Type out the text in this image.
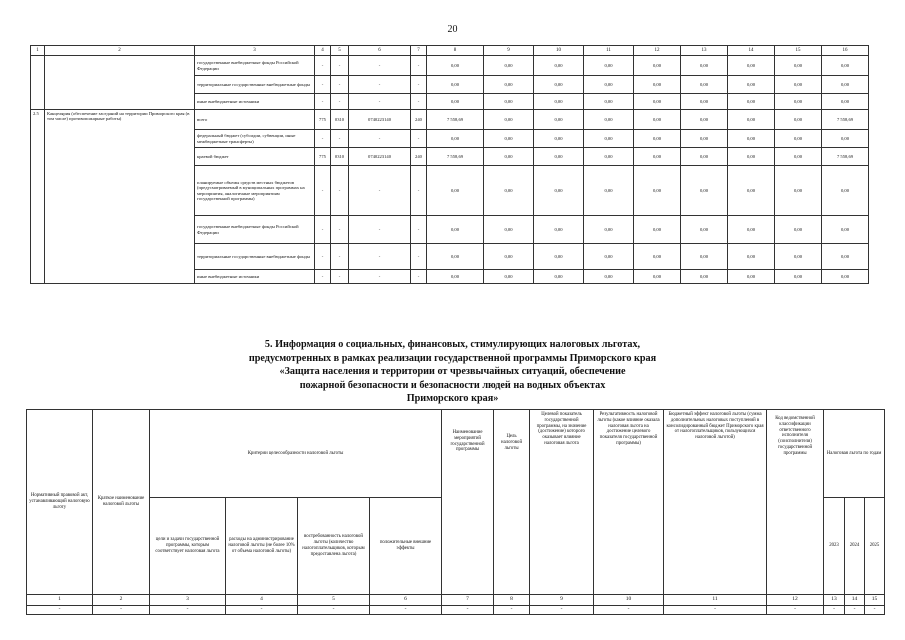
20
1	2	3	4	5	6	7	8	9	10	11	12	13	14	15	16
		государственные внебюджетные фонды Российской Федерации	-	-	-	-	0,00	0,00	0,00	0,00	0,00	0,00	0,00	0,00	0,00
		территориальные государственные внебюджетные фонды	-	-	-	-	0,00	0,00	0,00	0,00	0,00	0,00	0,00	0,00	0,00
		иные внебюджетные источники	-	-	-	-	0,00	0,00	0,00	0,00	0,00	0,00	0,00	0,00	0,00
2.5	Канцелярия (обеспечение заседаний на территории Приморского края (в том числе) противопожарные работы)	всего	775	0310	0740223140	240	7 558,69	0,00	0,00	0,00	0,00	0,00	0,00	0,00	7 558,69
		федеральный бюджет (субсидии, субвенции, иные межбюджетные трансферты)	-	-	-	-	0,00	0,00	0,00	0,00	0,00	0,00	0,00	0,00	0,00
		краевой бюджет	775	0310	0740223140	240	7 558,69	0,00	0,00	0,00	0,00	0,00	0,00	0,00	7 558,69
		планируемые объемы средств местных бюджетов (предусматриваемый в муниципальных программах на мероприятия, аналогичные мероприятиям государственной программы)	-	-	-	-	0,00	0,00	0,00	0,00	0,00	0,00	0,00	0,00	0,00
		государственные внебюджетные фонды Российской Федерации	-	-	-	-	0,00	0,00	0,00	0,00	0,00	0,00	0,00	0,00	0,00
		территориальные государственные внебюджетные фонды	-	-	-	-	0,00	0,00	0,00	0,00	0,00	0,00	0,00	0,00	0,00
		иные внебюджетные источники	-	-	-	-	0,00	0,00	0,00	0,00	0,00	0,00	0,00	0,00	0,00
5. Информация о социальных, финансовых, стимулирующих налоговых льготах,
предусмотренных в рамках реализации государственной программы Приморского края
«Защита населения и территории от чрезвычайных ситуаций, обеспечение
пожарной безопасности и безопасности людей на водных объектах
Приморского края»
Нормативный правовой акт, устанавливающий налоговую льготу	Краткое наименование налоговой льготы	Критерии целесообразности налоговой льготы				Наименование мероприятий государственной программы	Цель налоговой льготы	Целевой показатель государственной программы, на значение (достижение) которого оказывает влияние налоговая льгота	Результативность налоговой льготы (какое влияние оказала налоговая льгота на достижение целевого показателя государственной программы)	Бюджетный эффект налоговой льготы (сумма дополнительных налоговых поступлений в консолидированный бюджет Приморского края от налогоплательщиков, пользующихся налоговой льготой)	Код ведомственной классификации ответственного исполнителя (соисполнителя) государственной программы	Налоговая льгота по годам		
		цели и задачи государственной программы, которым соответствует налоговая льгота	расходы на администрирование налоговой льготы (не более 10% от объема налоговой льготы)	востребованность налоговой льготы (количество налогоплательщиков, которым предоставлена льгота)	положительные внешние эффекты							2023	2024	2025
1	2	3	4	5	6	7	8	9	10	11	12	13	14	15
-	-	-	-	-	-	-	-	-	-	-	-	-	-	-
